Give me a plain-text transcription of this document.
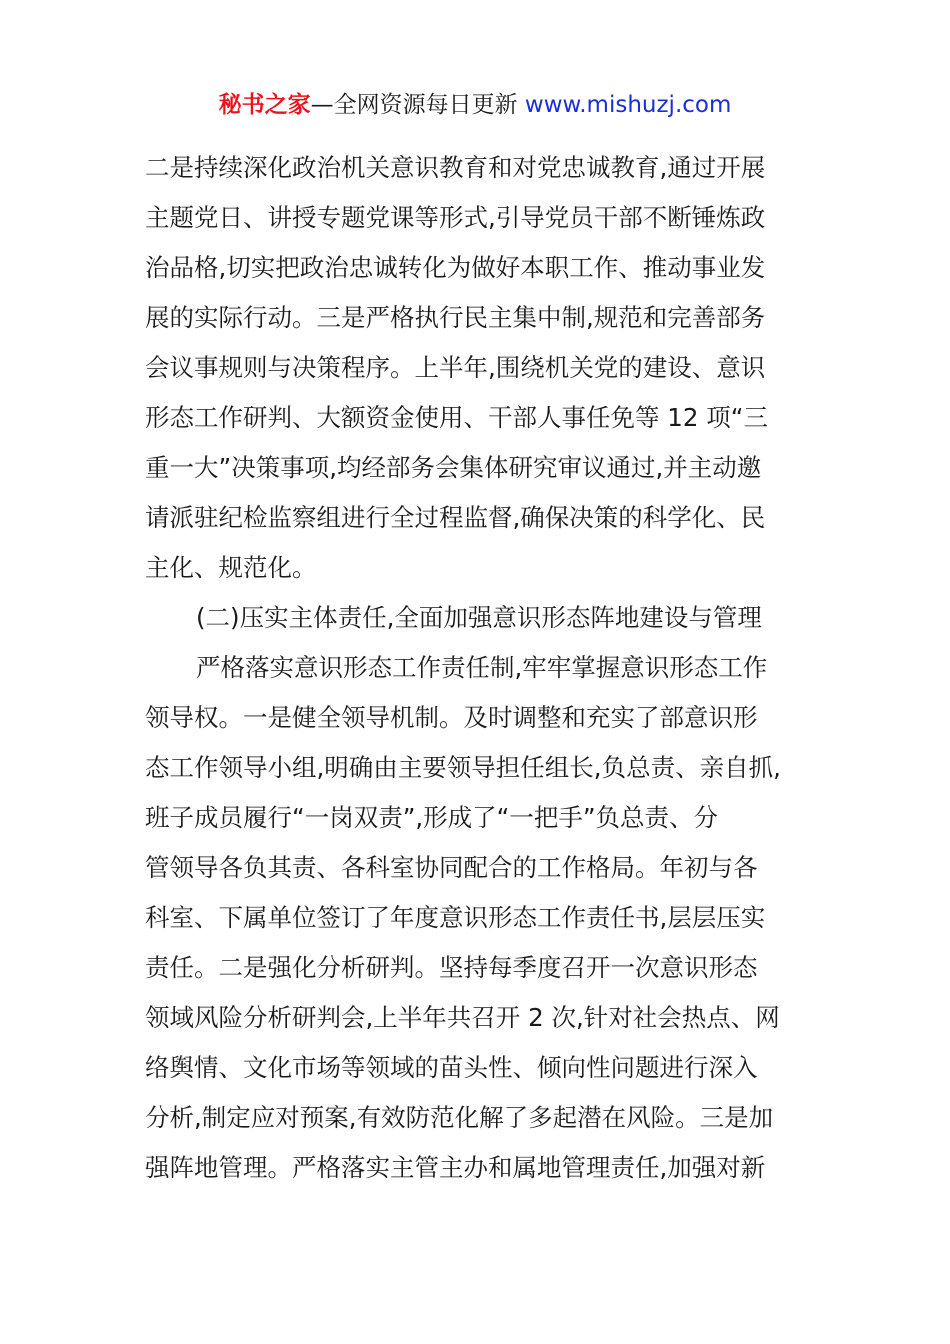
秘书之家—全网资源每日更新 www.mishuzj.com
二是持续深化政治机关意识教育和对党忠诚教育,通过开展
主题党日、讲授专题党课等形式,引导党员干部不断锤炼政
治品格,切实把政治忠诚转化为做好本职工作、推动事业发
展的实际行动。三是严格执行民主集中制,规范和完善部务
会议事规则与决策程序。上半年,围绕机关党的建设、意识
形态工作研判、大额资金使用、干部人事任免等 12 项“三
重一大”决策事项,均经部务会集体研究审议通过,并主动邀
请派驻纪检监察组进行全过程监督,确保决策的科学化、民
主化、规范化。
(二)压实主体责任,全面加强意识形态阵地建设与管理
严格落实意识形态工作责任制,牢牢掌握意识形态工作
领导权。一是健全领导机制。及时调整和充实了部意识形
态工作领导小组,明确由主要领导担任组长,负总责、亲自抓,
班子成员履行“一岗双责”,形成了“一把手”负总责、分
管领导各负其责、各科室协同配合的工作格局。年初与各
科室、下属单位签订了年度意识形态工作责任书,层层压实
责任。二是强化分析研判。坚持每季度召开一次意识形态
领域风险分析研判会,上半年共召开 2 次,针对社会热点、网
络舆情、文化市场等领域的苗头性、倾向性问题进行深入
分析,制定应对预案,有效防范化解了多起潜在风险。三是加
强阵地管理。严格落实主管主办和属地管理责任,加强对新
